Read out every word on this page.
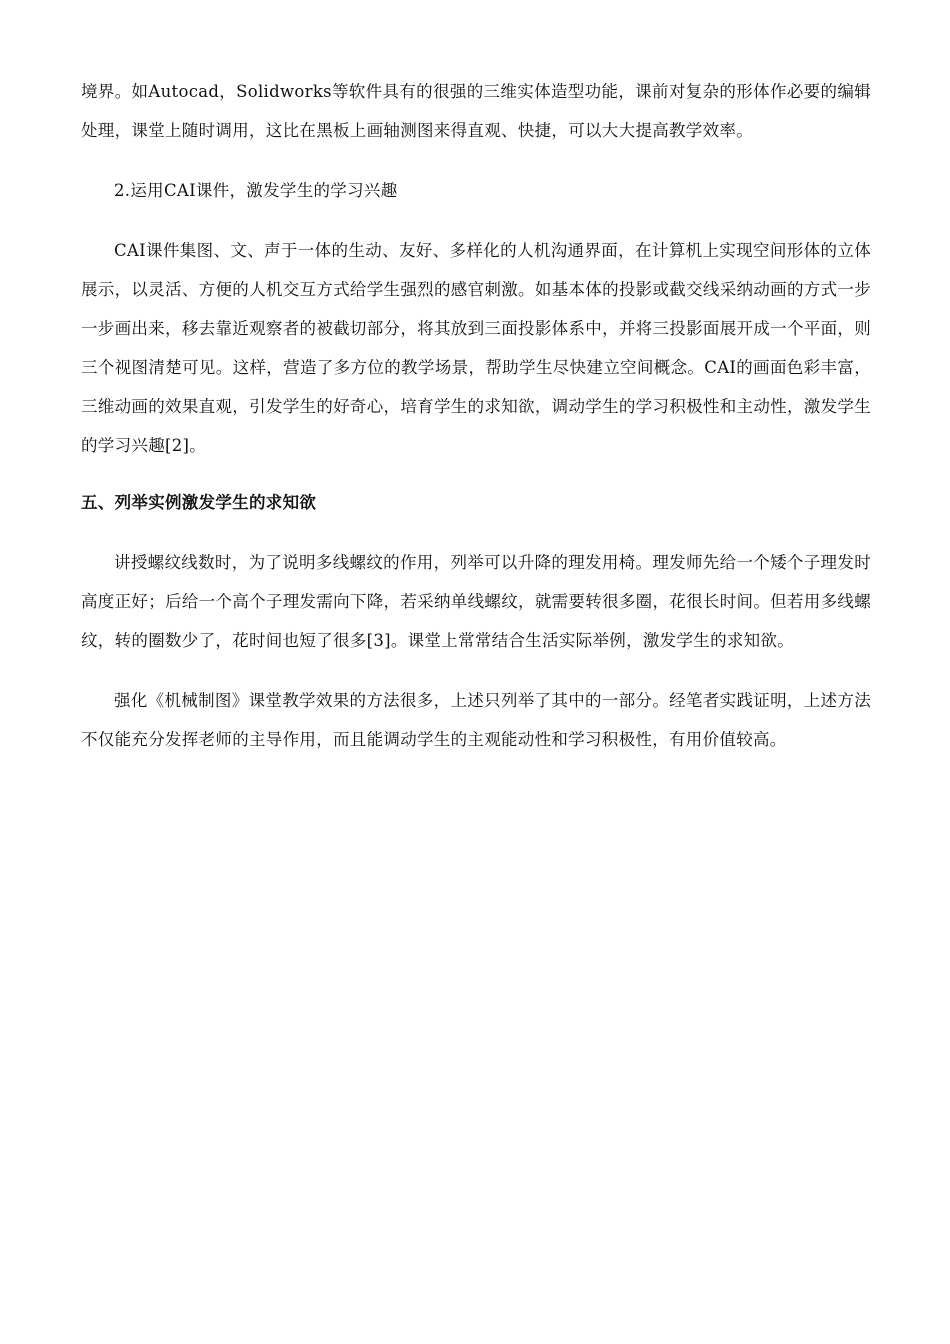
境界。如Autocad，Solidworks等软件具有的很强的三维实体造型功能，课前对复杂的形体作必要的编辑处理，课堂上随时调用，这比在黑板上画轴测图来得直观、快捷，可以大大提高教学效率。

2.运用CAI课件，激发学生的学习兴趣

CAI课件集图、文、声于一体的生动、友好、多样化的人机沟通界面，在计算机上实现空间形体的立体展示，以灵活、方便的人机交互方式给学生强烈的感官刺激。如基本体的投影或截交线采纳动画的方式一步一步画出来，移去靠近观察者的被截切部分，将其放到三面投影体系中，并将三投影面展开成一个平面，则三个视图清楚可见。这样，营造了多方位的教学场景，帮助学生尽快建立空间概念。CAI的画面色彩丰富，三维动画的效果直观，引发学生的好奇心，培育学生的求知欲，调动学生的学习积极性和主动性，激发学生的学习兴趣[2]。

五、列举实例激发学生的求知欲

讲授螺纹线数时，为了说明多线螺纹的作用，列举可以升降的理发用椅。理发师先给一个矮个子理发时高度正好；后给一个高个子理发需向下降，若采纳单线螺纹，就需要转很多圈，花很长时间。但若用多线螺纹，转的圈数少了，花时间也短了很多[3]。课堂上常常结合生活实际举例，激发学生的求知欲。

强化《机械制图》课堂教学效果的方法很多，上述只列举了其中的一部分。经笔者实践证明，上述方法不仅能充分发挥老师的主导作用，而且能调动学生的主观能动性和学习积极性，有用价值较高。
